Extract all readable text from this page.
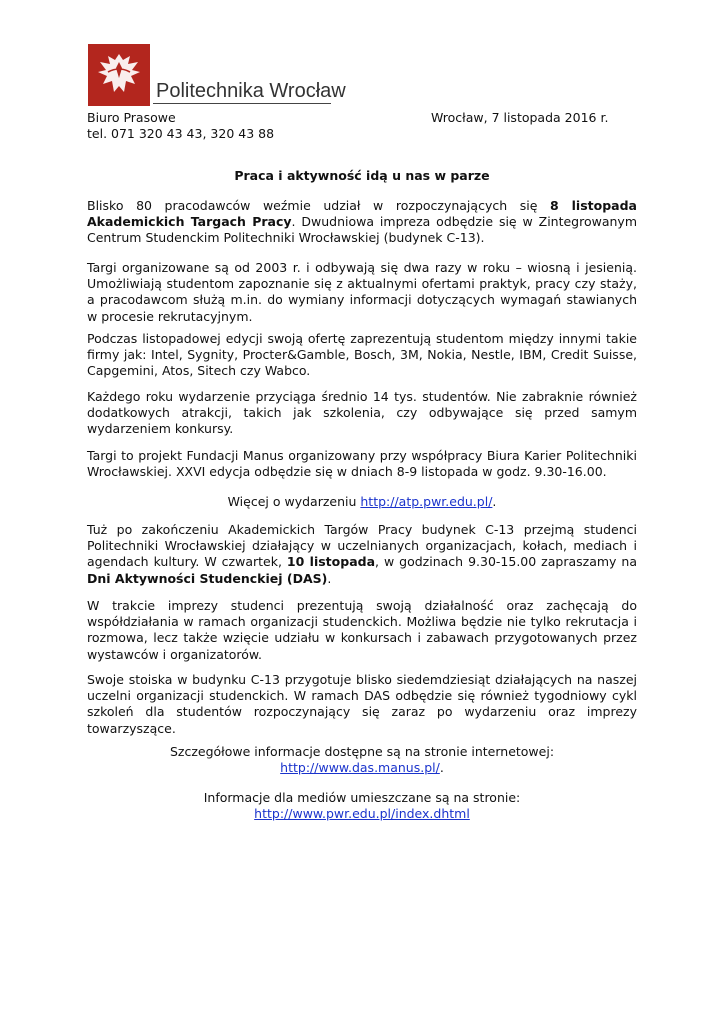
Politechnika Wrocław
Biuro Prasowe
tel. 071 320 43 43, 320 43 88
Wrocław, 7 listopada 2016 r.
Praca i aktywność idą u nas w parze
Blisko 80 pracodawców weźmie udział w rozpoczynających się 8 listopada Akademickich Targach Pracy. Dwudniowa impreza odbędzie się w Zintegrowanym Centrum Studenckim Politechniki Wrocławskiej (budynek C-13).
Targi organizowane są od 2003 r. i odbywają się dwa razy w roku – wiosną i jesienią. Umożliwiają studentom zapoznanie się z aktualnymi ofertami praktyk, pracy czy staży, a pracodawcom służą m.in. do wymiany informacji dotyczących wymagań stawianych w procesie rekrutacyjnym.
Podczas listopadowej edycji swoją ofertę zaprezentują studentom między innymi takie firmy jak: Intel, Sygnity, Procter&Gamble, Bosch, 3M, Nokia, Nestle, IBM, Credit Suisse, Capgemini, Atos, Sitech czy Wabco.
Każdego roku wydarzenie przyciąga średnio 14 tys. studentów. Nie zabraknie również dodatkowych atrakcji, takich jak szkolenia, czy odbywające się przed samym wydarzeniem konkursy.
Targi to projekt Fundacji Manus organizowany przy współpracy Biura Karier Politechniki Wrocławskiej. XXVI edycja odbędzie się w dniach 8-9 listopada w godz. 9.30-16.00.
Więcej o wydarzeniu http://atp.pwr.edu.pl/.
Tuż po zakończeniu Akademickich Targów Pracy budynek C-13 przejmą studenci Politechniki Wrocławskiej działający w uczelnianych organizacjach, kołach, mediach i agendach kultury. W czwartek, 10 listopada, w godzinach 9.30-15.00 zapraszamy na Dni Aktywności Studenckiej (DAS).
W trakcie imprezy studenci prezentują swoją działalność oraz zachęcają do współdziałania w ramach organizacji studenckich. Możliwa będzie nie tylko rekrutacja i rozmowa, lecz także wzięcie udziału w konkursach i zabawach przygotowanych przez wystawców i organizatorów.
Swoje stoiska w budynku C-13 przygotuje blisko siedemdziesiąt działających na naszej uczelni organizacji studenckich. W ramach DAS odbędzie się również tygodniowy cykl szkoleń dla studentów rozpoczynający się zaraz po wydarzeniu oraz imprezy towarzyszące.
Szczegółowe informacje dostępne są na stronie internetowej:
http://www.das.manus.pl/.
Informacje dla mediów umieszczane są na stronie:
http://www.pwr.edu.pl/index.dhtml
